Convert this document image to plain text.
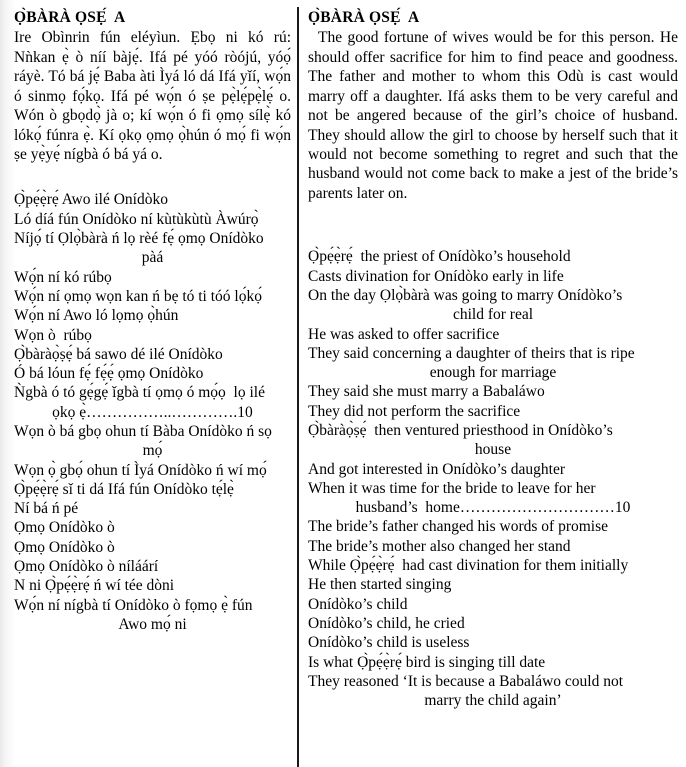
Ọ̀BÀRÀ ỌSẸ́  A

Ire Obìnrin fún eléyìun. Ẹbọ ni kó rú: Nǹkan ẹ̀ ò níí bàjẹ́. Ifá pé yóó ròójú, yóọ́ ráyè. Tó bá jẹ́ Baba àti Ìyá ló dá Ifá yǐí, wọ́n ó sinmọ fọ́kọ. Ifá pé wọ́n ó ṣe pẹ̀lẹ́pẹ̀lẹ́ o. Wón ò gbọdọ̀ jà o; kí wọ́n ó fi ọmọ sílẹ̀ kó lókọ́ fúnra ẹ̀. Kí ọkọ ọmọ ọ̀hún ó mọ́ fi wọ́n ṣe yẹ̀yẹ́ nígbà ó bá yá o.

Ọ̀pẹ́ẹ̀rẹ́ Awo ilé Onídòko
Ló díá fún Onídòko ní kùtùkùtù Àwúrọ̀
Níjọ́ tí Ọlọ̀bàrà ń lọ rèé fẹ́ ọmọ Onídòko
pàá
Wọ́n ní kó rúbọ
Wọ́n ní ọmọ wọn kan ń bẹ tó ti tóó lọ́kọ́
Wọ́n ní Awo ló lọmọ ọ̀hún
Wọn ò  rúbọ
Ọ̀bàràọ̀ṣẹ́ bá sawo dé ilé Onídòko
Ó bá lóun fẹ́ fẹ́ẹ́ ọmọ Onídòko
Ǹgbà ó tó gẹ́gẹ́ ǐgbà tí ọmọ ó mọ́ọ  lọ ilé
ọkọ ẹ̀……………..………….10
Wọn ò bá gbọ ohun tí Bàba Onídòko ń sọ
mọ́
Wọn ọ̀ gbọ́ ohun tí Ìyá Onídòko ń wí mọ́
Ọ̀pẹ́ẹ̀rẹ́ sǐ ti dá Ifá fún Onídòko tẹ́lẹ̀
Ní bá ń pé
Ọmọ Onídòko ò
Ọmọ Onídòko ò
Ọmọ Onídòko ò níláárí
N ni Ọ̀pẹ́ẹ̀rẹ́ ń wí tée dòni
Wọ́n ní nígbà tí Onídòko ò fọmọ ẹ̀ fún
Awo mọ́ ni
Ọ̀BÀRÀ ỌSẸ́  A

The good fortune of wives would be for this person. He should offer sacrifice for him to find peace and goodness. The father and mother to whom this Odù is cast would marry off a daughter. Ifá asks them to be very careful and not be angered because of the girl’s choice of husband. They should allow the girl to choose by herself such that it would not become something to regret and such that the husband would not come back to make a jest of the bride’s parents later on.

Ọ̀pẹ́ẹ̀rẹ́  the priest of Onídòko’s household
Casts divination for Onídòko early in life
On the day Ọlọ̀bàrà was going to marry Onídòko’s
child for real
He was asked to offer sacrifice
They said concerning a daughter of theirs that is ripe
enough for marriage
They said she must marry a Babaláwo
They did not perform the sacrifice
Ọ̀bàràọ̀ṣẹ́  then ventured priesthood in Onídòko’s
house
And got interested in Onídòko’s daughter
When it was time for the bride to leave for her
husband’s  home…………………………10
The bride’s father changed his words of promise
The bride’s mother also changed her stand
While Ọ̀pẹ́ẹ̀rẹ́  had cast divination for them initially
He then started singing
Onídòko’s child
Onídòko’s child, he cried
Onídòko’s child is useless
Is what Ọ̀pẹ́ẹ̀rẹ́ bird is singing till date
They reasoned ‘It is because a Babaláwo could not
marry the child again’
